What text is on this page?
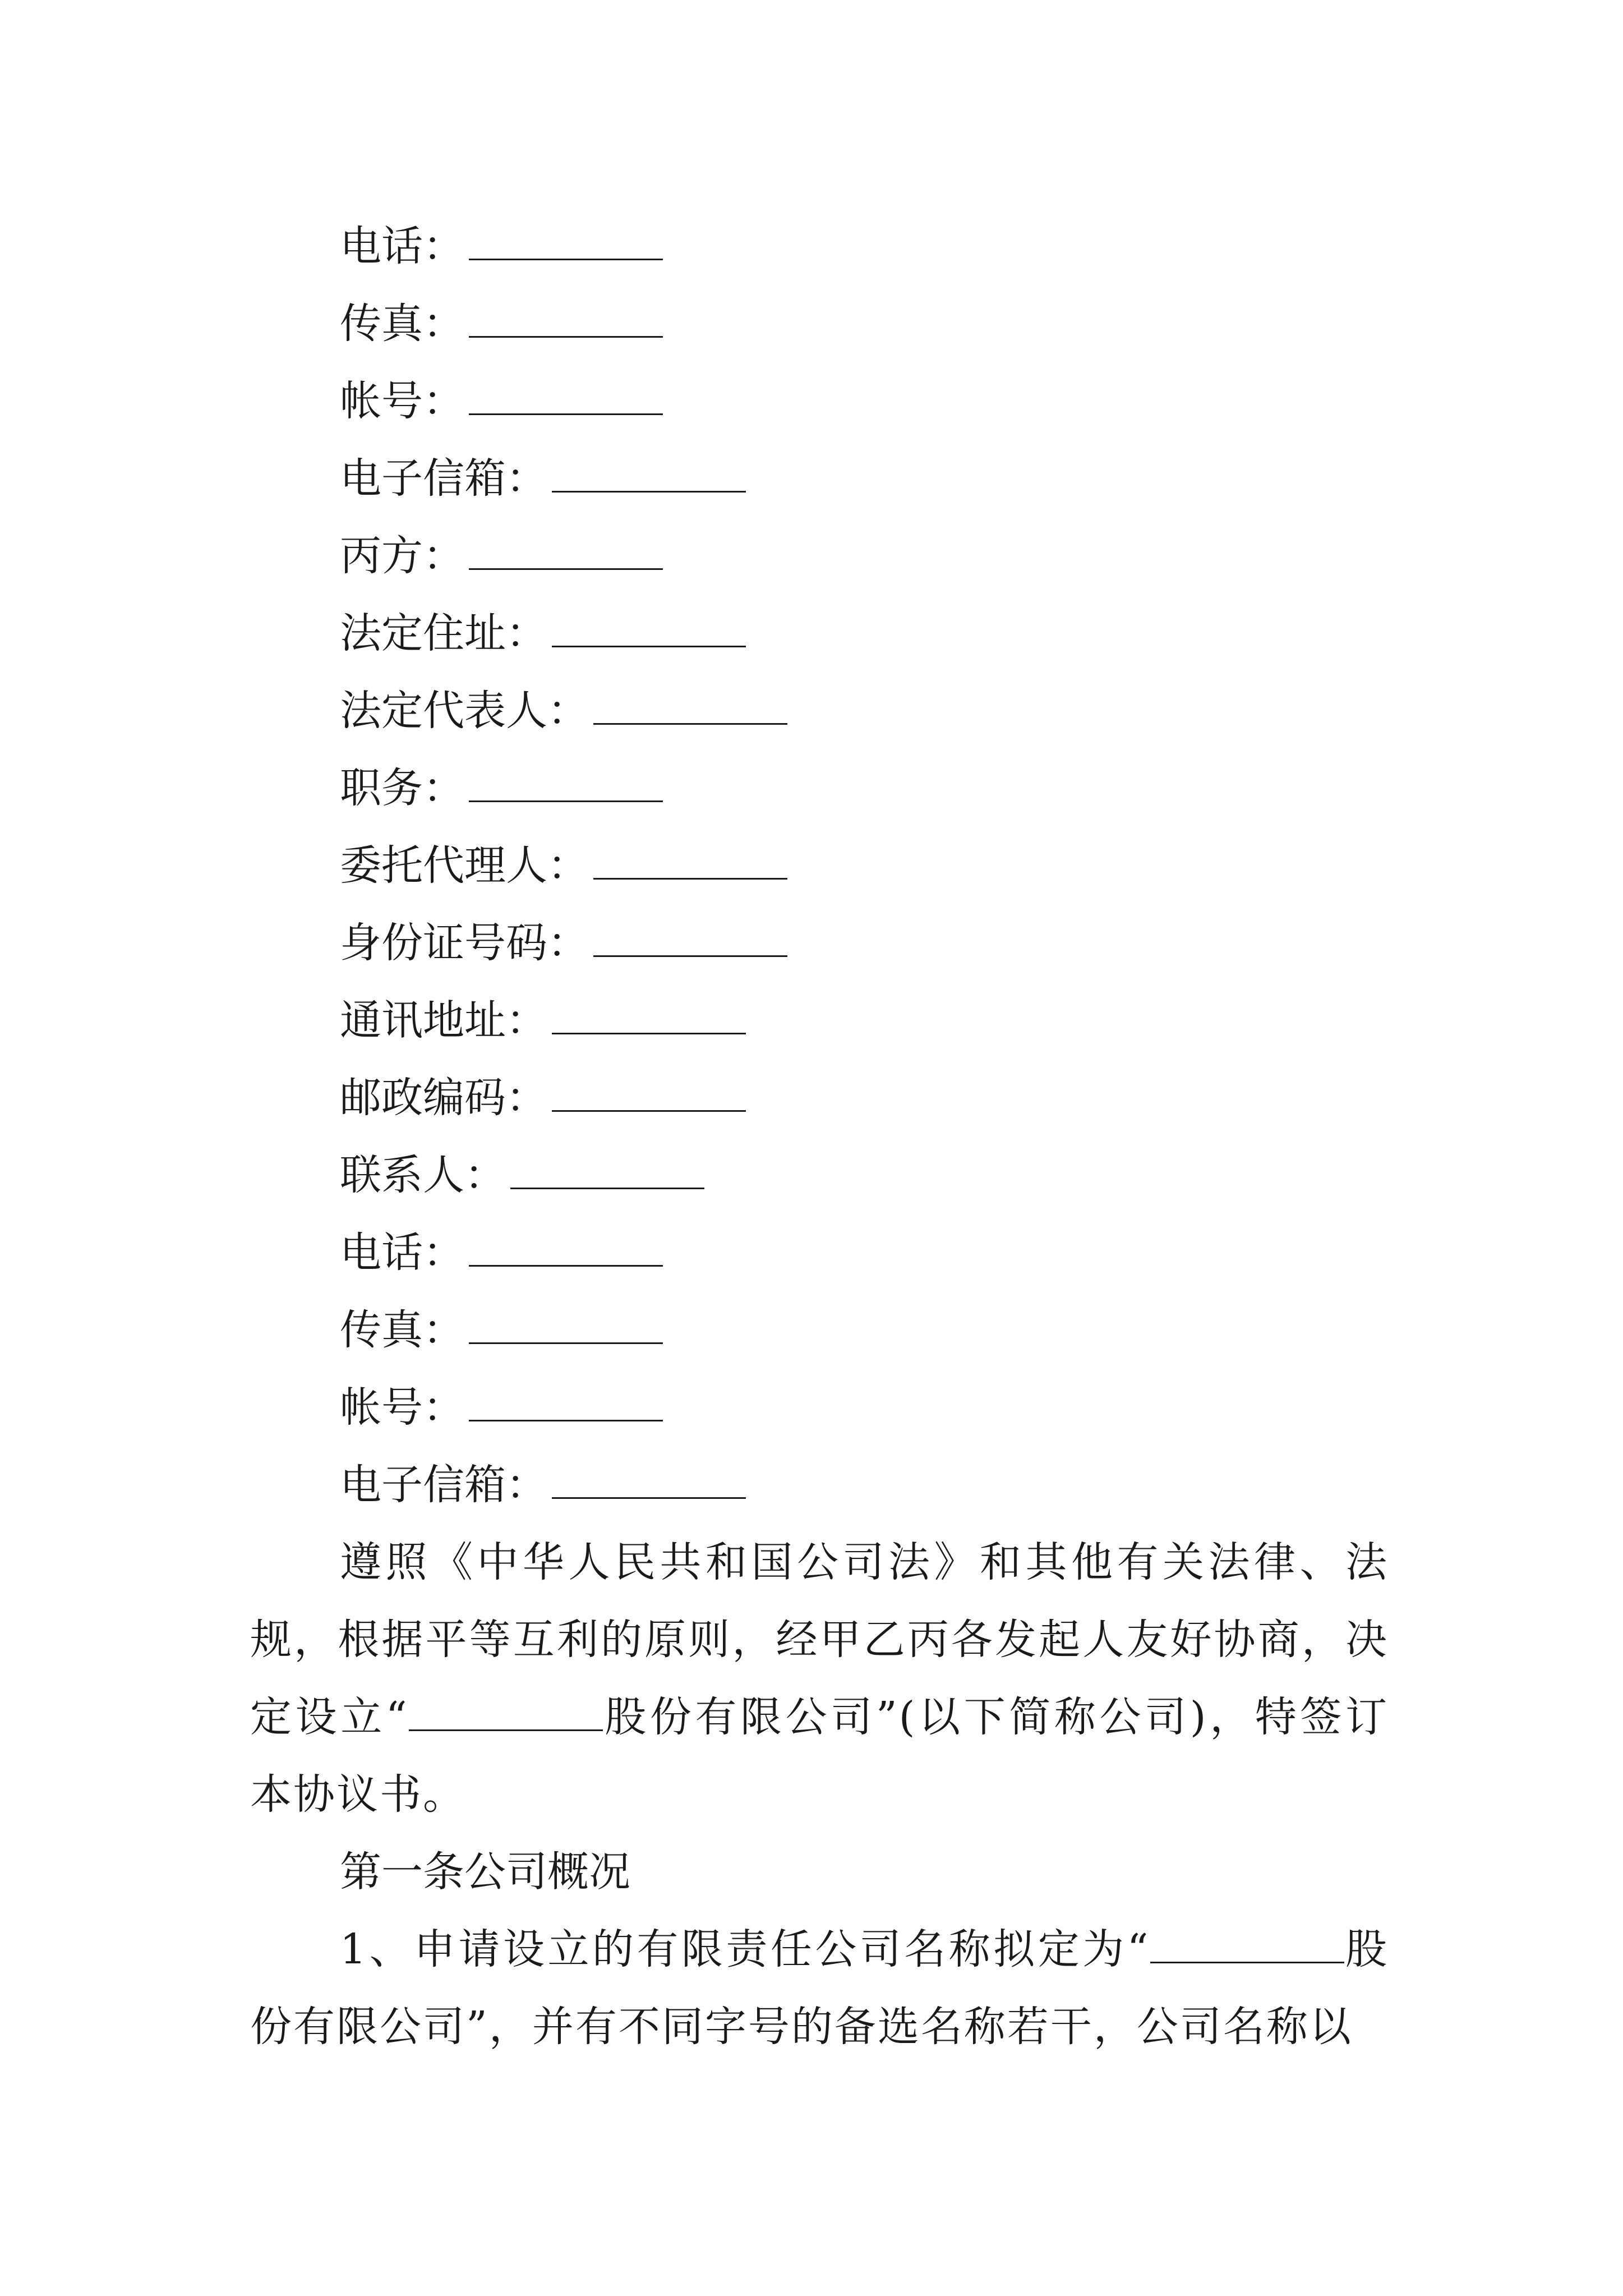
电话：
传真：
帐号：
电子信箱：
丙方：
法定住址：
法定代表人：
职务：
委托代理人：
身份证号码：
通讯地址：
邮政编码：
联系人：
电话：
传真：
帐号：
电子信箱：

遵照《中华人民共和国公司法》和其他有关法律、法规，根据平等互利的原则，经甲乙丙各发起人友好协商，决定设立“	股份有限公司”(以下简称公司)，特签订本协议书。

第一条公司概况

1、申请设立的有限责任公司名称拟定为“	股份有限公司”，并有不同字号的备选名称若干，公司名称以
